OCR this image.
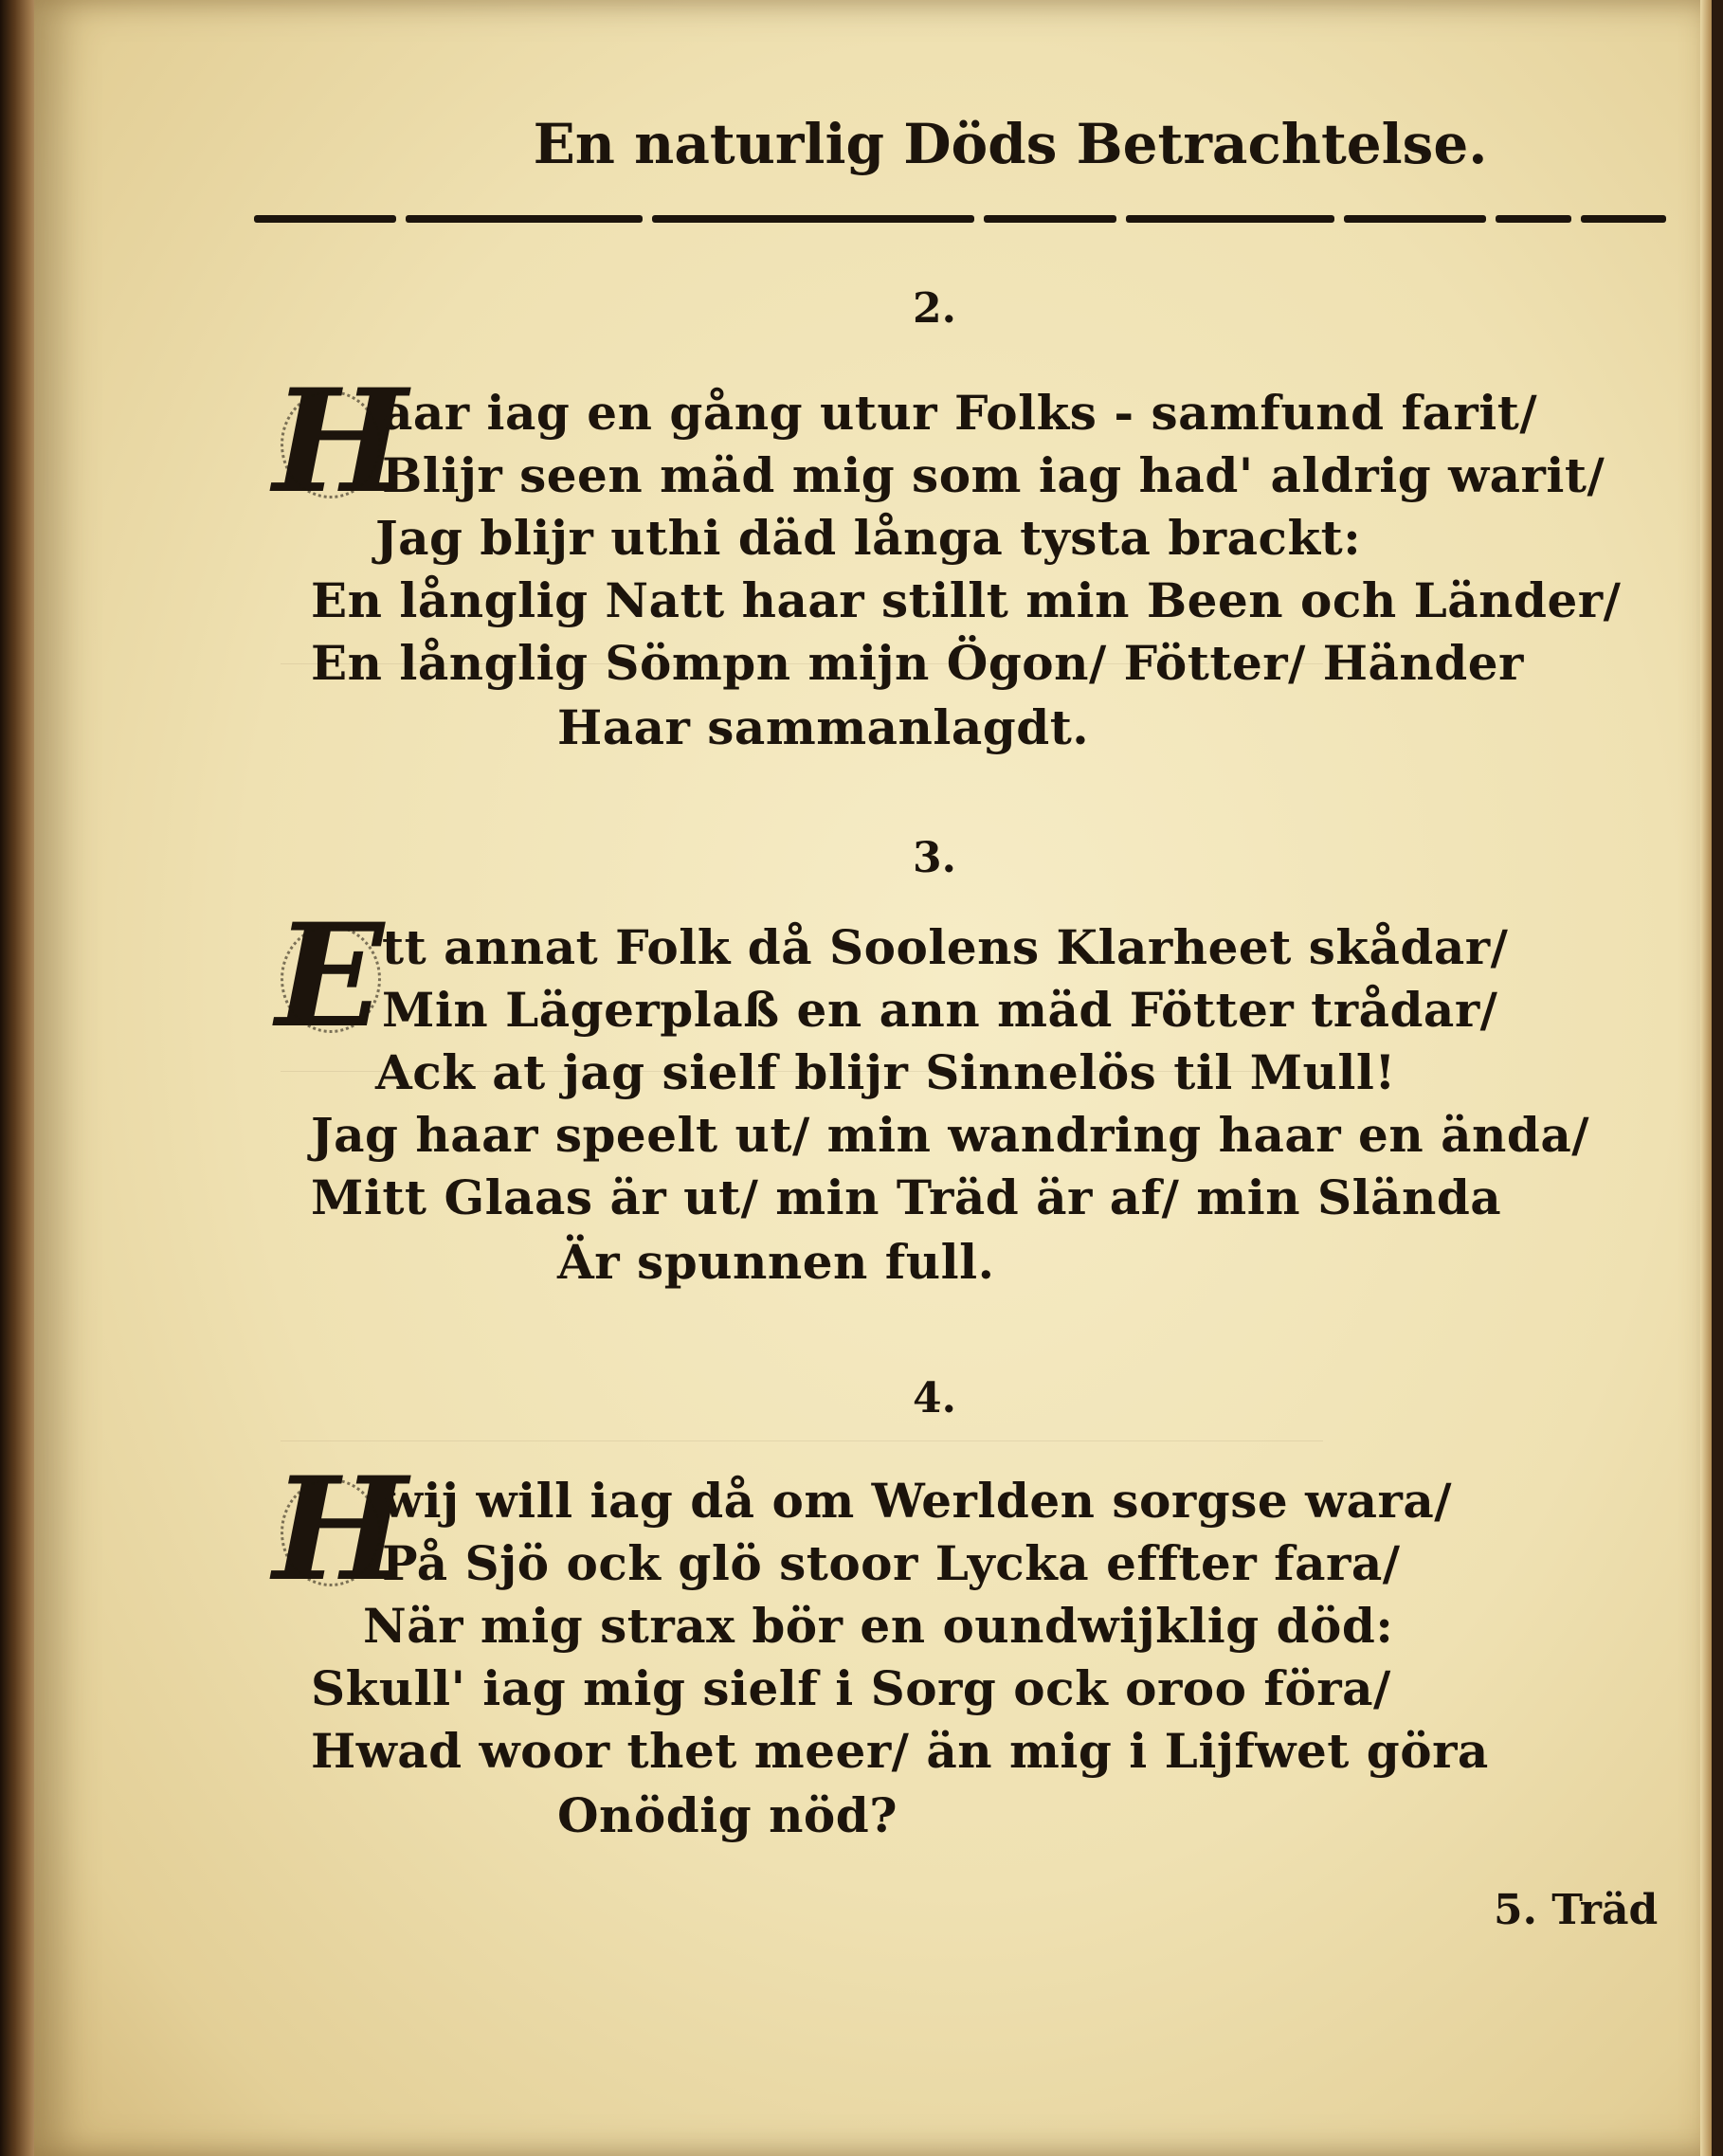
En naturlig Döds Betrachtelse.
2.
H
aar iag en gång utur Folks - samfund farit/
Blijr seen mäd mig som iag had' aldrig warit/
Jag blijr uthi däd långa tysta brackt:
En långlig Natt haar stillt min Been och Länder/
En långlig Sömpn mijn Ögon/ Fötter/ Händer
Haar sammanlagdt.
3.
E
tt annat Folk då Soolens Klarheet skådar/
Min Lägerplaß en ann mäd Fötter trådar/
Ack at jag sielf blijr Sinnelös til Mull!
Jag haar speelt ut/ min wandring haar en ända/
Mitt Glaas är ut/ min Träd är af/ min Slända
Är spunnen full.
4.
H
wij will iag då om Werlden sorgse wara/
På Sjö ock glö stoor Lycka effter fara/
När mig strax bör en oundwijklig död:
Skull' iag mig sielf i Sorg ock oroo föra/
Hwad woor thet meer/ än mig i Lijfwet göra
Onödig nöd?
5. Träd
